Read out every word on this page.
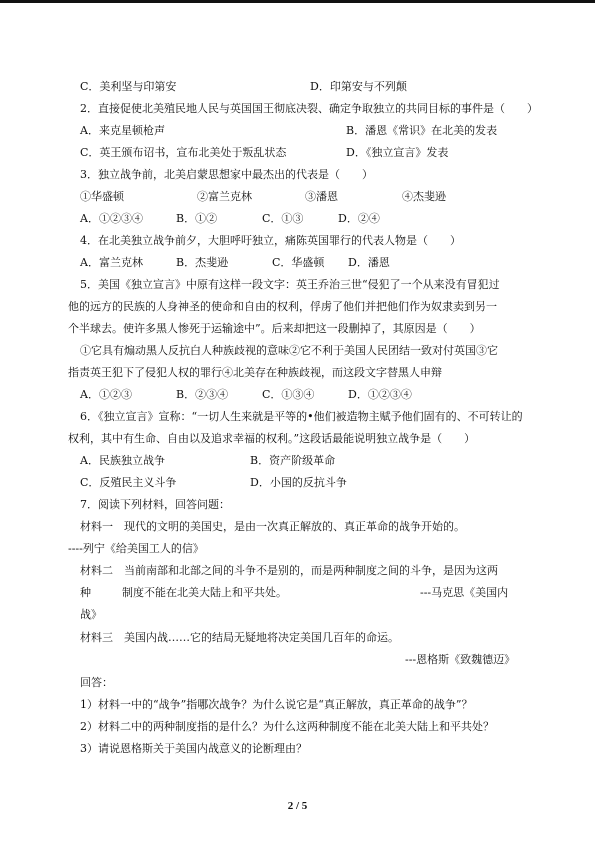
C．美利坚与印第安	D．印第安与不列颠
2．直接促使北美殖民地人民与英国国王彻底决裂、确定争取独立的共同目标的事件是（　　）
A．来克星顿枪声	B．潘恩《常识》在北美的发表
C．英王颁布诏书，宣布北美处于叛乱状态	D．《独立宣言》发表
3．独立战争前，北美启蒙思想家中最杰出的代表是（　　）
①华盛顿	②富兰克林	③潘恩	④杰斐逊
A．①②③④	B．①②	C．①③	D．②④
4．在北美独立战争前夕，大胆呼吁独立，痛陈英国罪行的代表人物是（　　）
A．富兰克林	B．杰斐逊	C．华盛顿 D．潘恩
5．美国《独立宣言》中原有这样一段文字：英王乔治三世“侵犯了一个从来没有冒犯过
他的远方的民族的人身神圣的使命和自由的权利，俘虏了他们并把他们作为奴隶卖到另一
个半球去。使许多黑人惨死于运输途中”。后来却把这一段删掉了，其原因是（　　）
①它具有煽动黑人反抗白人种族歧视的意味②它不利于美国人民团结一致对付英国③它
指责英王犯下了侵犯人权的罪行④北美存在种族歧视，而这段文字替黑人申辩
A．①②③	B．②③④	C．①③④	D．①②③④
6．《独立宣言》宣称：“一切人生来就是平等的•他们被造物主赋予他们固有的、不可转让的
权利，其中有生命、自由以及追求幸福的权利。”这段话最能说明独立战争是（　　）
A．民族独立战争	B．资产阶级革命
C．反殖民主义斗争	D．小国的反抗斗争
7．阅读下列材料，回答问题：
材料一　现代的文明的美国史，是由一次真正解放的、真正革命的战争开始的。
----列宁《给美国工人的信》
材料二　当前南部和北部之间的斗争不是别的，而是两种制度之间的斗争，是因为这两
种	制度不能在北美大陆上和平共处。	---马克思《美国内
战》
材料三　美国内战……它的结局无疑地将决定美国几百年的命运。
---恩格斯《致魏德迈》
回答：
1）材料一中的“战争”指哪次战争？为什么说它是“真正解放，真正革命的战争”？
2）材料二中的两种制度指的是什么？为什么这两种制度不能在北美大陆上和平共处？
3）请说恩格斯关于美国内战意义的论断理由？
2 / 5
